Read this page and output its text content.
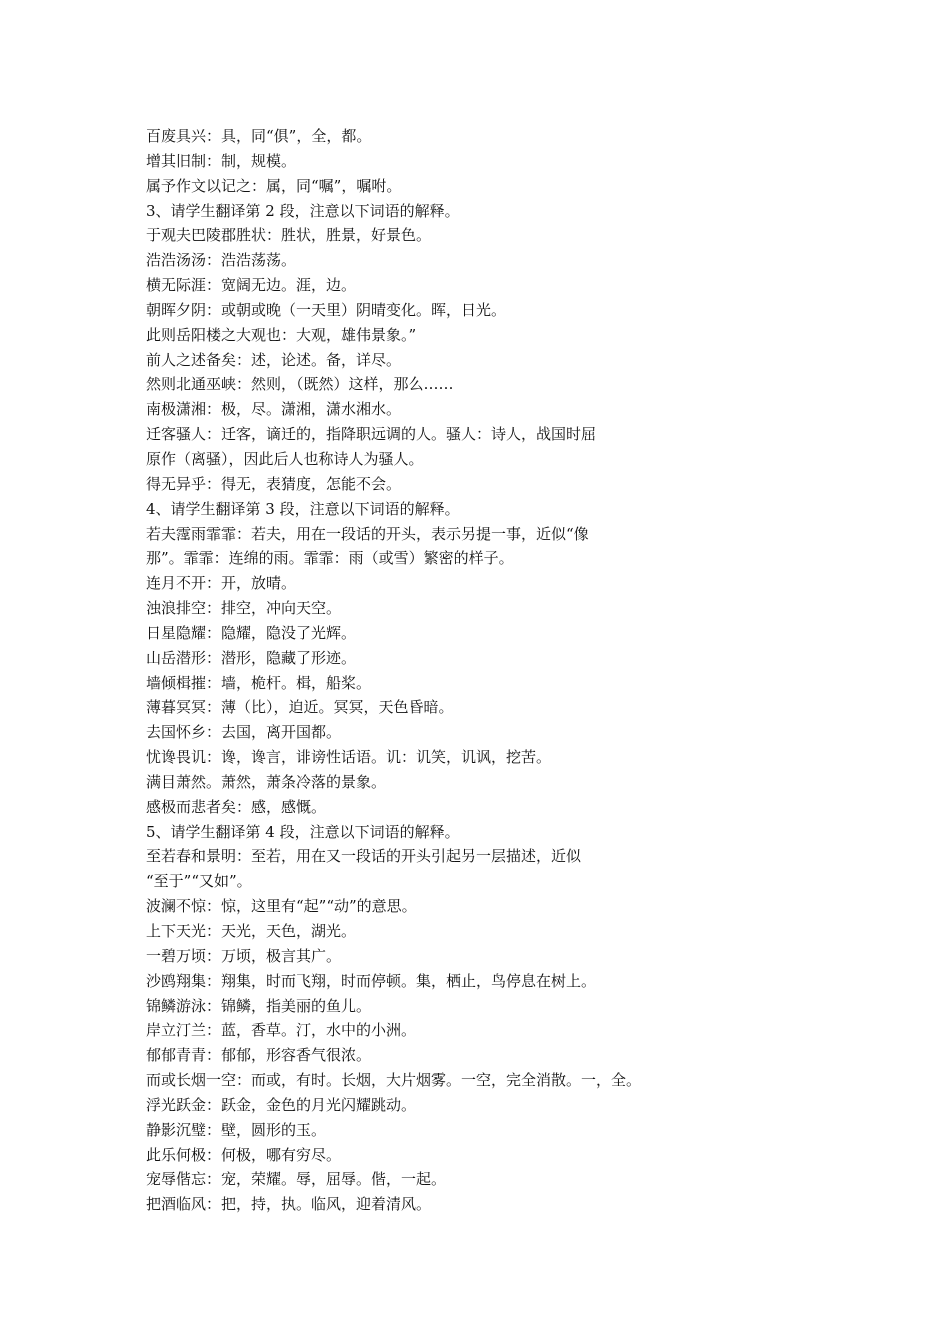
百废具兴：具，同“俱”，全，都。

增其旧制：制，规模。

属予作文以记之：属，同“嘱”，嘱咐。

3、请学生翻译第 2 段，注意以下词语的解释。

于观夫巴陵郡胜状：胜状，胜景，好景色。

浩浩汤汤：浩浩荡荡。

横无际涯：宽阔无边。涯，边。

朝晖夕阴：或朝或晚（一天里）阴晴变化。晖，日光。

此则岳阳楼之大观也：大观，雄伟景象。”

前人之述备矣：述，论述。备，详尽。

然则北通巫峡：然则，（既然）这样，那么……

南极潇湘：极，尽。潇湘，潇水湘水。

迁客骚人：迁客，谪迁的，指降职远调的人。骚人：诗人，战国时屈

原作（离骚），因此后人也称诗人为骚人。

得无异乎：得无，表猜度，怎能不会。

4、请学生翻译第 3 段，注意以下词语的解释。

若夫霪雨霏霏：若夫，用在一段话的开头，表示另提一事，近似“像

那”。霏霏：连绵的雨。霏霏：雨（或雪）繁密的样子。

连月不开：开，放晴。

浊浪排空：排空，冲向天空。

日星隐耀：隐耀，隐没了光辉。

山岳潜形：潜形，隐藏了形迹。

墙倾楫摧：墙，桅杆。楫，船桨。

薄暮冥冥：薄（比），迫近。冥冥，天色昏暗。

去国怀乡：去国，离开国都。

忧谗畏讥：谗，谗言，诽谤性话语。讥：讥笑，讥讽，挖苦。

满目萧然。萧然，萧条冷落的景象。

感极而悲者矣：感，感慨。

5、请学生翻译第 4 段，注意以下词语的解释。

至若春和景明：至若，用在又一段话的开头引起另一层描述，近似

“至于”“又如”。

波澜不惊：惊，这里有“起”“动”的意思。

上下天光：天光，天色，湖光。

一碧万顷：万顷，极言其广。

沙鸥翔集：翔集，时而飞翔，时而停顿。集，栖止，鸟停息在树上。

锦鳞游泳：锦鳞，指美丽的鱼儿。

岸立汀兰：蓝，香草。汀，水中的小洲。

郁郁青青：郁郁，形容香气很浓。

而或长烟一空：而或，有时。长烟，大片烟雾。一空，完全消散。一，全。

浮光跃金：跃金，金色的月光闪耀跳动。

静影沉璧：壁，圆形的玉。

此乐何极：何极，哪有穷尽。

宠辱偕忘：宠，荣耀。辱，屈辱。偕，一起。

把酒临风：把，持，执。临风，迎着清风。
